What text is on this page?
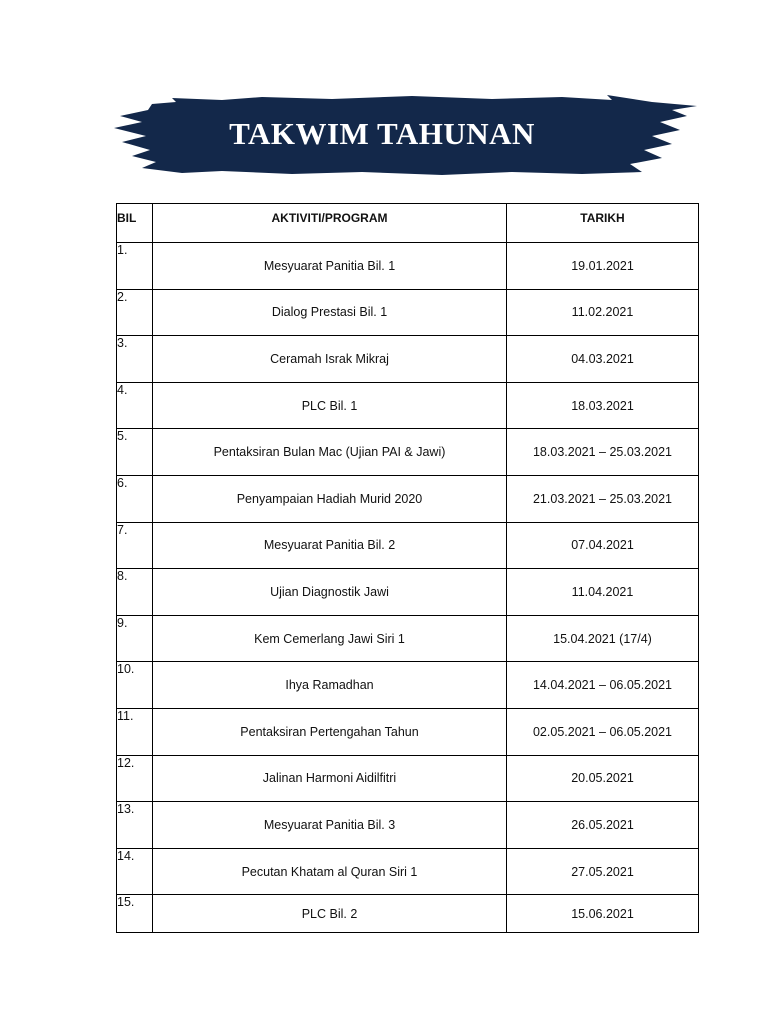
TAKWIM TAHUNAN
BIL	AKTIVITI/PROGRAM	TARIKH
1.	Mesyuarat Panitia Bil. 1	19.01.2021
2.	Dialog Prestasi Bil. 1	11.02.2021
3.	Ceramah Israk Mikraj	04.03.2021
4.	PLC Bil. 1	18.03.2021
5.	Pentaksiran Bulan Mac (Ujian PAI & Jawi)	18.03.2021 – 25.03.2021
6.	Penyampaian Hadiah Murid 2020	21.03.2021 – 25.03.2021
7.	Mesyuarat Panitia Bil. 2	07.04.2021
8.	Ujian Diagnostik Jawi	11.04.2021
9.	Kem Cemerlang Jawi Siri 1	15.04.2021 (17/4)
10.	Ihya Ramadhan	14.04.2021 – 06.05.2021
11.	Pentaksiran Pertengahan Tahun	02.05.2021 – 06.05.2021
12.	Jalinan Harmoni Aidilfitri	20.05.2021
13.	Mesyuarat Panitia Bil. 3	26.05.2021
14.	Pecutan Khatam al Quran Siri 1	27.05.2021
15.	PLC Bil. 2	15.06.2021
